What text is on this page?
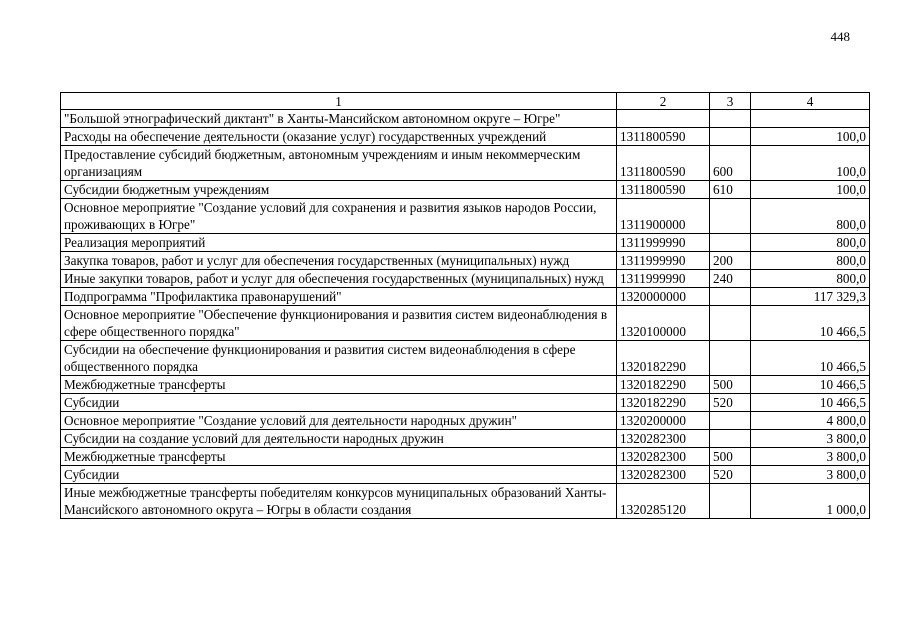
448
1	2	3	4
"Большой этнографический диктант" в Ханты-Мансийском автономном округе – Югре"			
Расходы на обеспечение деятельности (оказание услуг) государственных учреждений	1311800590		100,0
Предоставление субсидий бюджетным, автономным учреждениям и иным некоммерческим организациям	1311800590	600	100,0
Субсидии бюджетным учреждениям	1311800590	610	100,0
Основное мероприятие "Создание условий для сохранения и развития языков народов России, проживающих в Югре"	1311900000		800,0
Реализация мероприятий	1311999990		800,0
Закупка товаров, работ и услуг для обеспечения государственных (муниципальных) нужд	1311999990	200	800,0
Иные закупки товаров, работ и услуг для обеспечения государственных (муниципальных) нужд	1311999990	240	800,0
Подпрограмма "Профилактика правонарушений"	1320000000		117 329,3
Основное мероприятие "Обеспечение функционирования и развития систем видеонаблюдения в сфере общественного порядка"	1320100000		10 466,5
Субсидии на обеспечение функционирования и развития систем видеонаблюдения в сфере общественного порядка	1320182290		10 466,5
Межбюджетные трансферты	1320182290	500	10 466,5
Субсидии	1320182290	520	10 466,5
Основное мероприятие "Создание условий для деятельности народных дружин"	1320200000		4 800,0
Субсидии на создание условий для деятельности народных дружин	1320282300		3 800,0
Межбюджетные трансферты	1320282300	500	3 800,0
Субсидии	1320282300	520	3 800,0
Иные межбюджетные трансферты победителям конкурсов муниципальных образований Ханты-Мансийского автономного округа – Югры в области создания	1320285120		1 000,0
